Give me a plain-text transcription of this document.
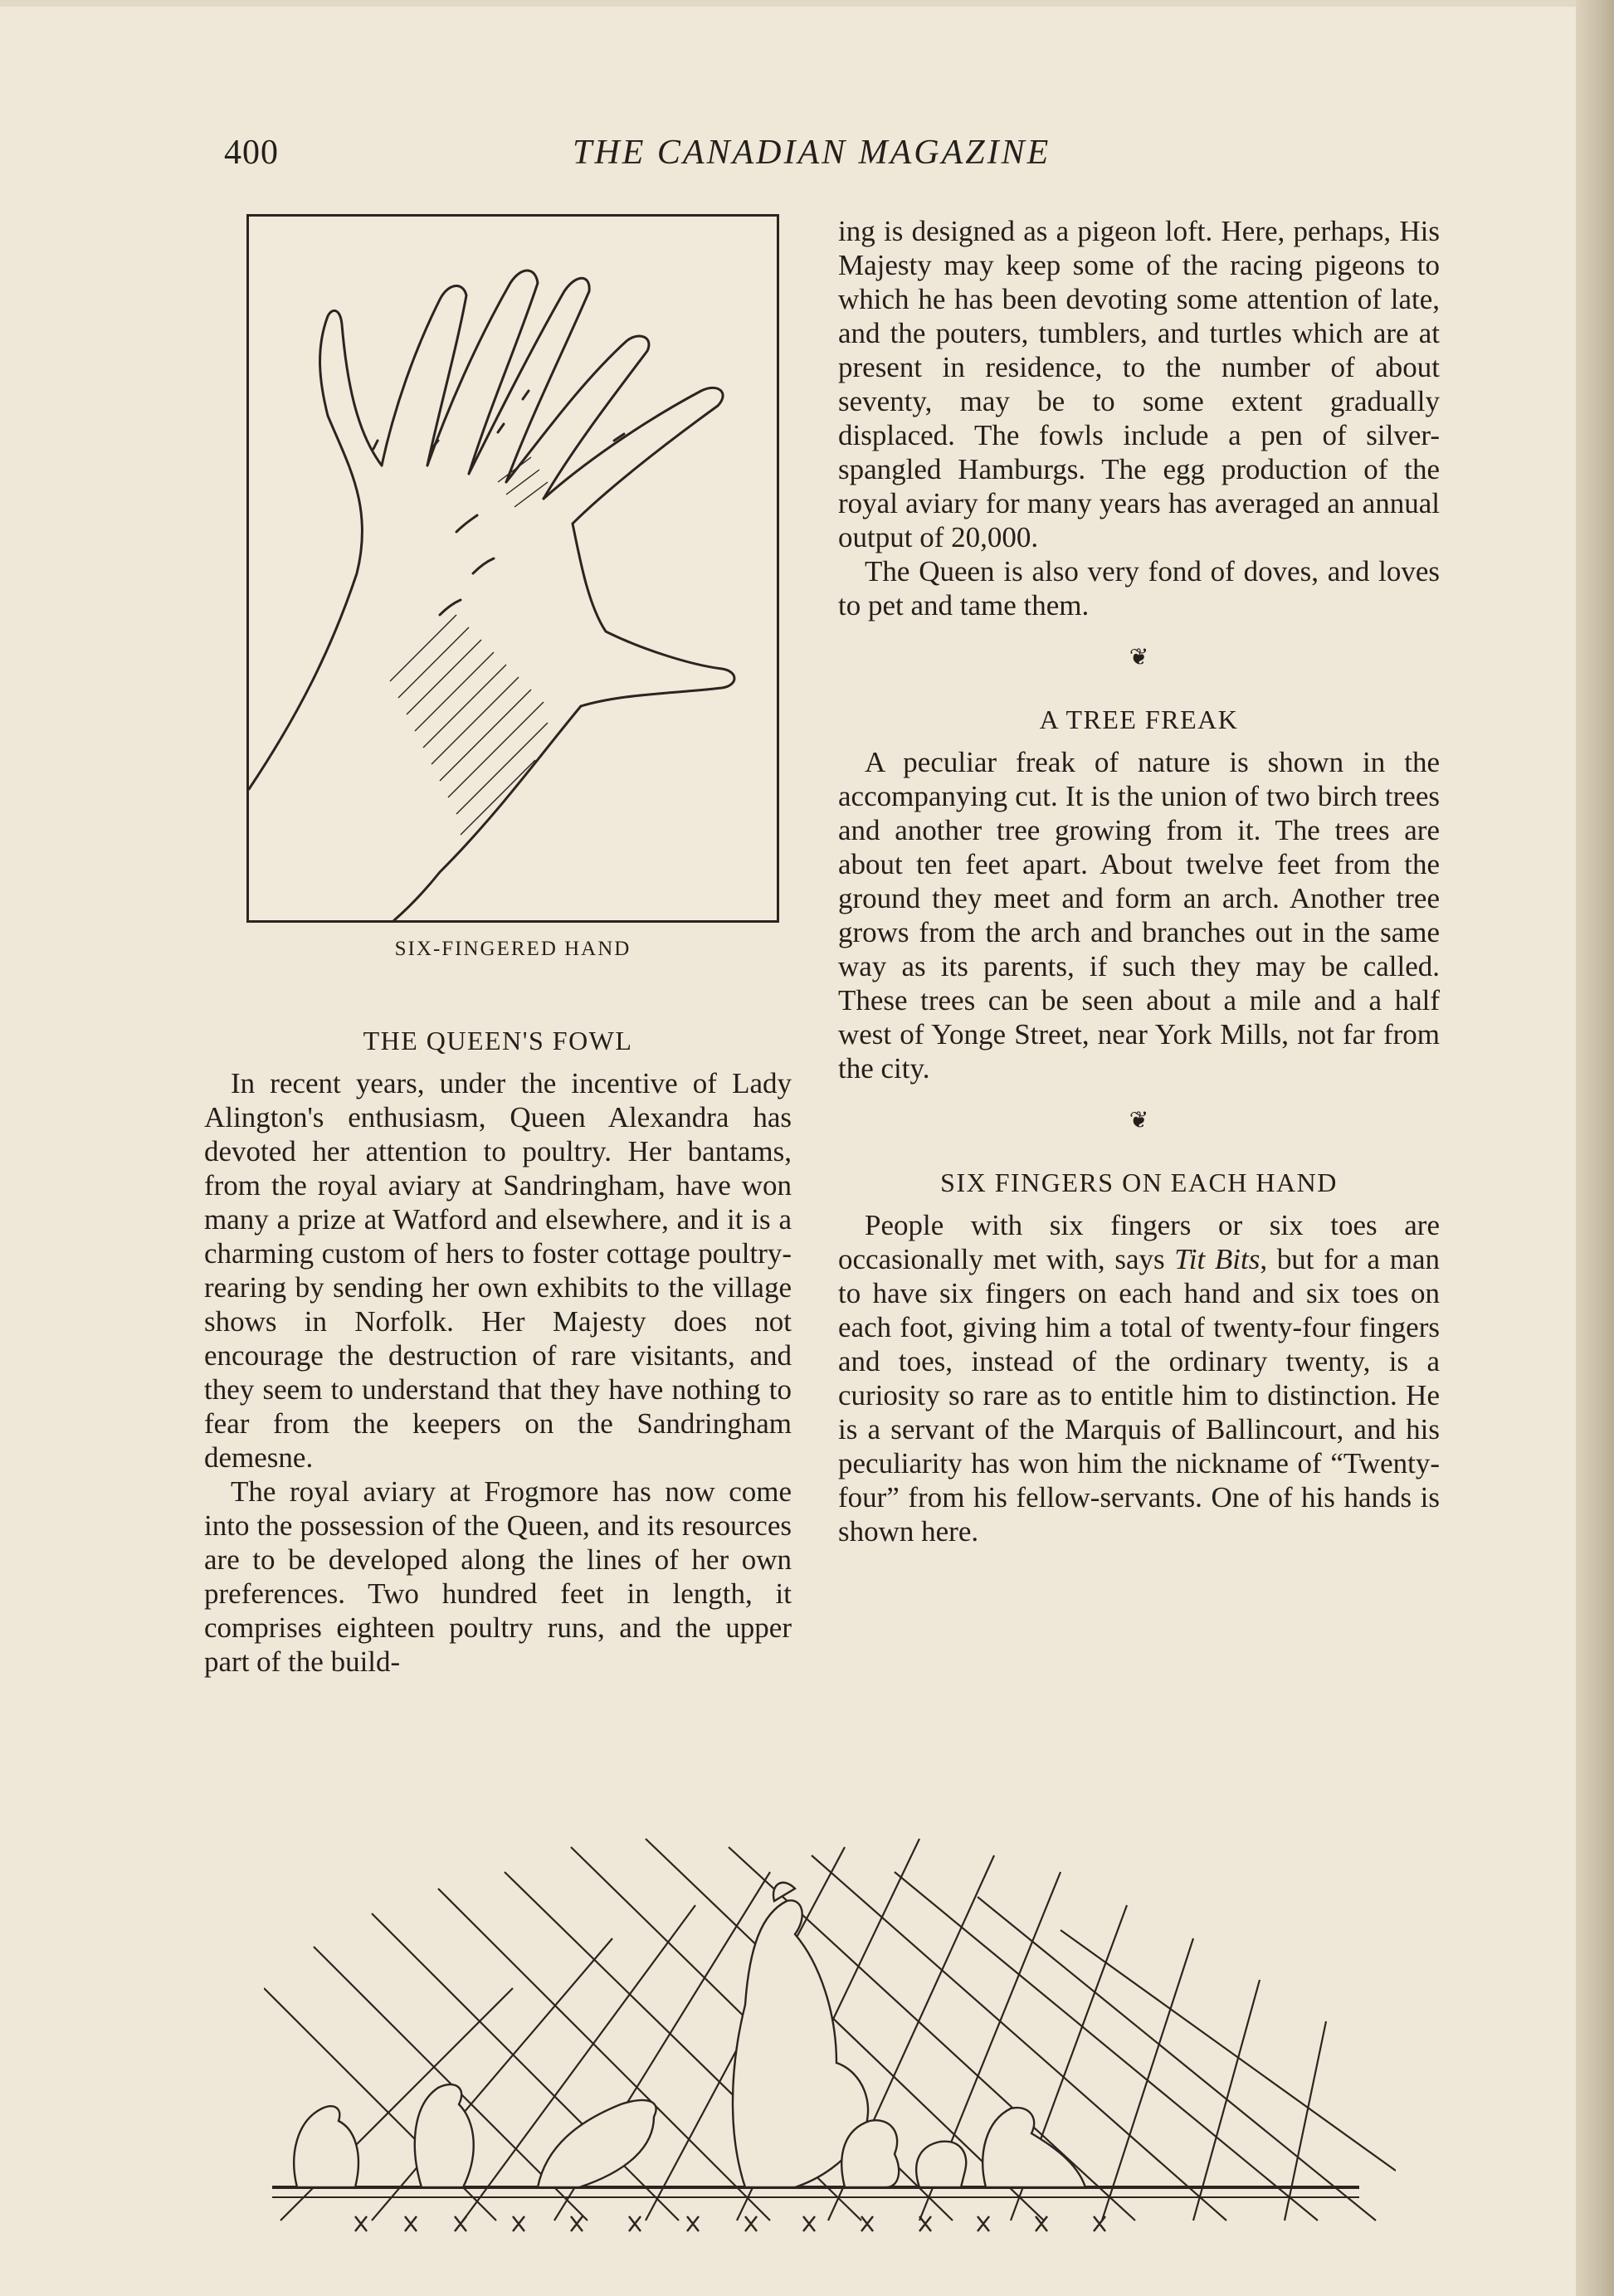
400	THE CANADIAN MAGAZINE
SIX-FINGERED HAND

THE QUEEN'S FOWL

In recent years, under the incentive of Lady Alington's enthusiasm, Queen Alexandra has devoted her attention to poultry. Her bantams, from the royal aviary at Sandringham, have won many a prize at Watford and elsewhere, and it is a charming custom of hers to foster cottage poultry-rearing by sending her own exhibits to the village shows in Norfolk. Her Majesty does not encourage the destruction of rare visitants, and they seem to understand that they have nothing to fear from the keepers on the Sandringham demesne.

The royal aviary at Frogmore has now come into the possession of the Queen, and its resources are to be developed along the lines of her own preferences. Two hundred feet in length, it comprises eighteen poultry runs, and the upper part of the build-

ing is designed as a pigeon loft. Here, perhaps, His Majesty may keep some of the racing pigeons to which he has been devoting some attention of late, and the pouters, tumblers, and turtles which are at present in residence, to the number of about seventy, may be to some extent gradually displaced. The fowls include a pen of silver-spangled Hamburgs. The egg production of the royal aviary for many years has averaged an annual output of 20,000.

The Queen is also very fond of doves, and loves to pet and tame them.

❦

A TREE FREAK

A peculiar freak of nature is shown in the accompanying cut. It is the union of two birch trees and another tree growing from it. The trees are about ten feet apart. About twelve feet from the ground they meet and form an arch. Another tree grows from the arch and branches out in the same way as its parents, if such they may be called. These trees can be seen about a mile and a half west of Yonge Street, near York Mills, not far from the city.

❦

SIX FINGERS ON EACH HAND

People with six fingers or six toes are occasionally met with, says Tit Bits, but for a man to have six fingers on each hand and six toes on each foot, giving him a total of twenty-four fingers and toes, instead of the ordinary twenty, is a curiosity so rare as to entitle him to distinction. He is a servant of the Marquis of Ballincourt, and his peculiarity has won him the nickname of “Twenty-four” from his fellow-servants. One of his hands is shown here.
